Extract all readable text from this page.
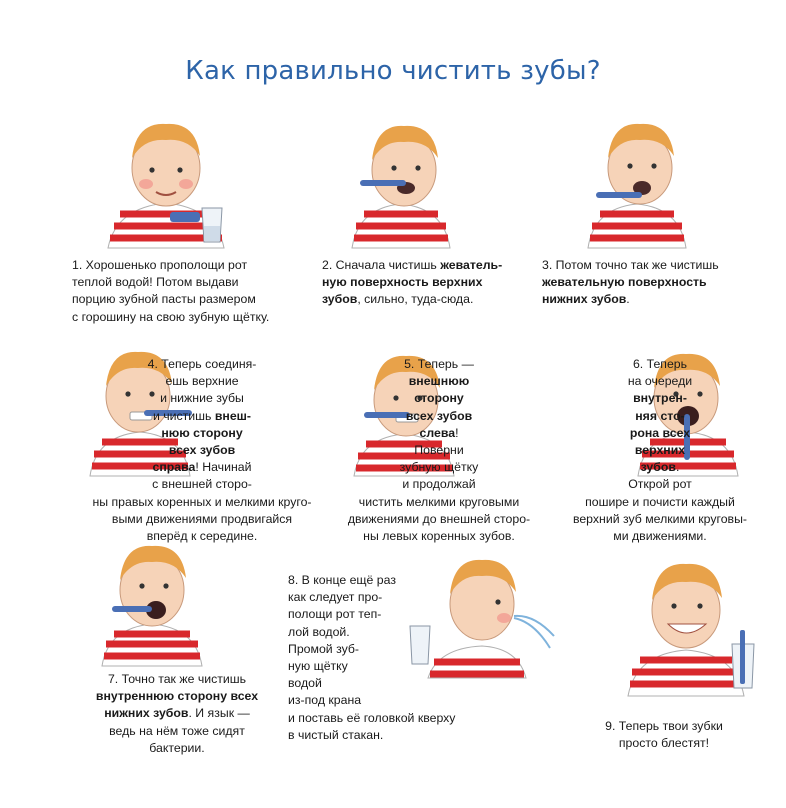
Как правильно чистить зубы?
1. Хорошенько прополощи рот
теплой водой! Потом выдави
порцию зубной пасты размером
с горошину на свою зубную щётку.
2. Сначала чистишь жеватель-
ную поверхность верхних
зубов, сильно, туда-сюда.
3. Потом точно так же чистишь
жевательную поверхность
нижних зубов.
4. Теперь соединя-
ешь верхние
и нижние зубы
и чистишь внеш-
нюю сторону
всех зубов
справа! Начинай
с внешней сторо-
ны правых коренных и мелкими круго-
выми движениями продвигайся
вперёд к середине.
5. Теперь —
внешнюю
сторону
всех зубов
слева!
Поверни
зубную щётку
и продолжай
чистить мелкими круговыми
движениями до внешней сторо-
ны левых коренных зубов.
6. Теперь
на очереди
внутрен-
няя сто-
рона всех
верхних
зубов.
Открой рот
пошире и почисти каждый
верхний зуб мелкими круговы-
ми движениями.
7. Точно так же чистишь
внутреннюю сторону всех
нижних зубов. И язык —
ведь на нём тоже сидят
бактерии.
8. В конце ещё раз
как следует про-
полощи рот теп-
лой водой.
Промой зуб-
ную щётку
водой
из-под крана
и поставь её головкой кверху
в чистый стакан.
9. Теперь твои зубки
просто блестят!
